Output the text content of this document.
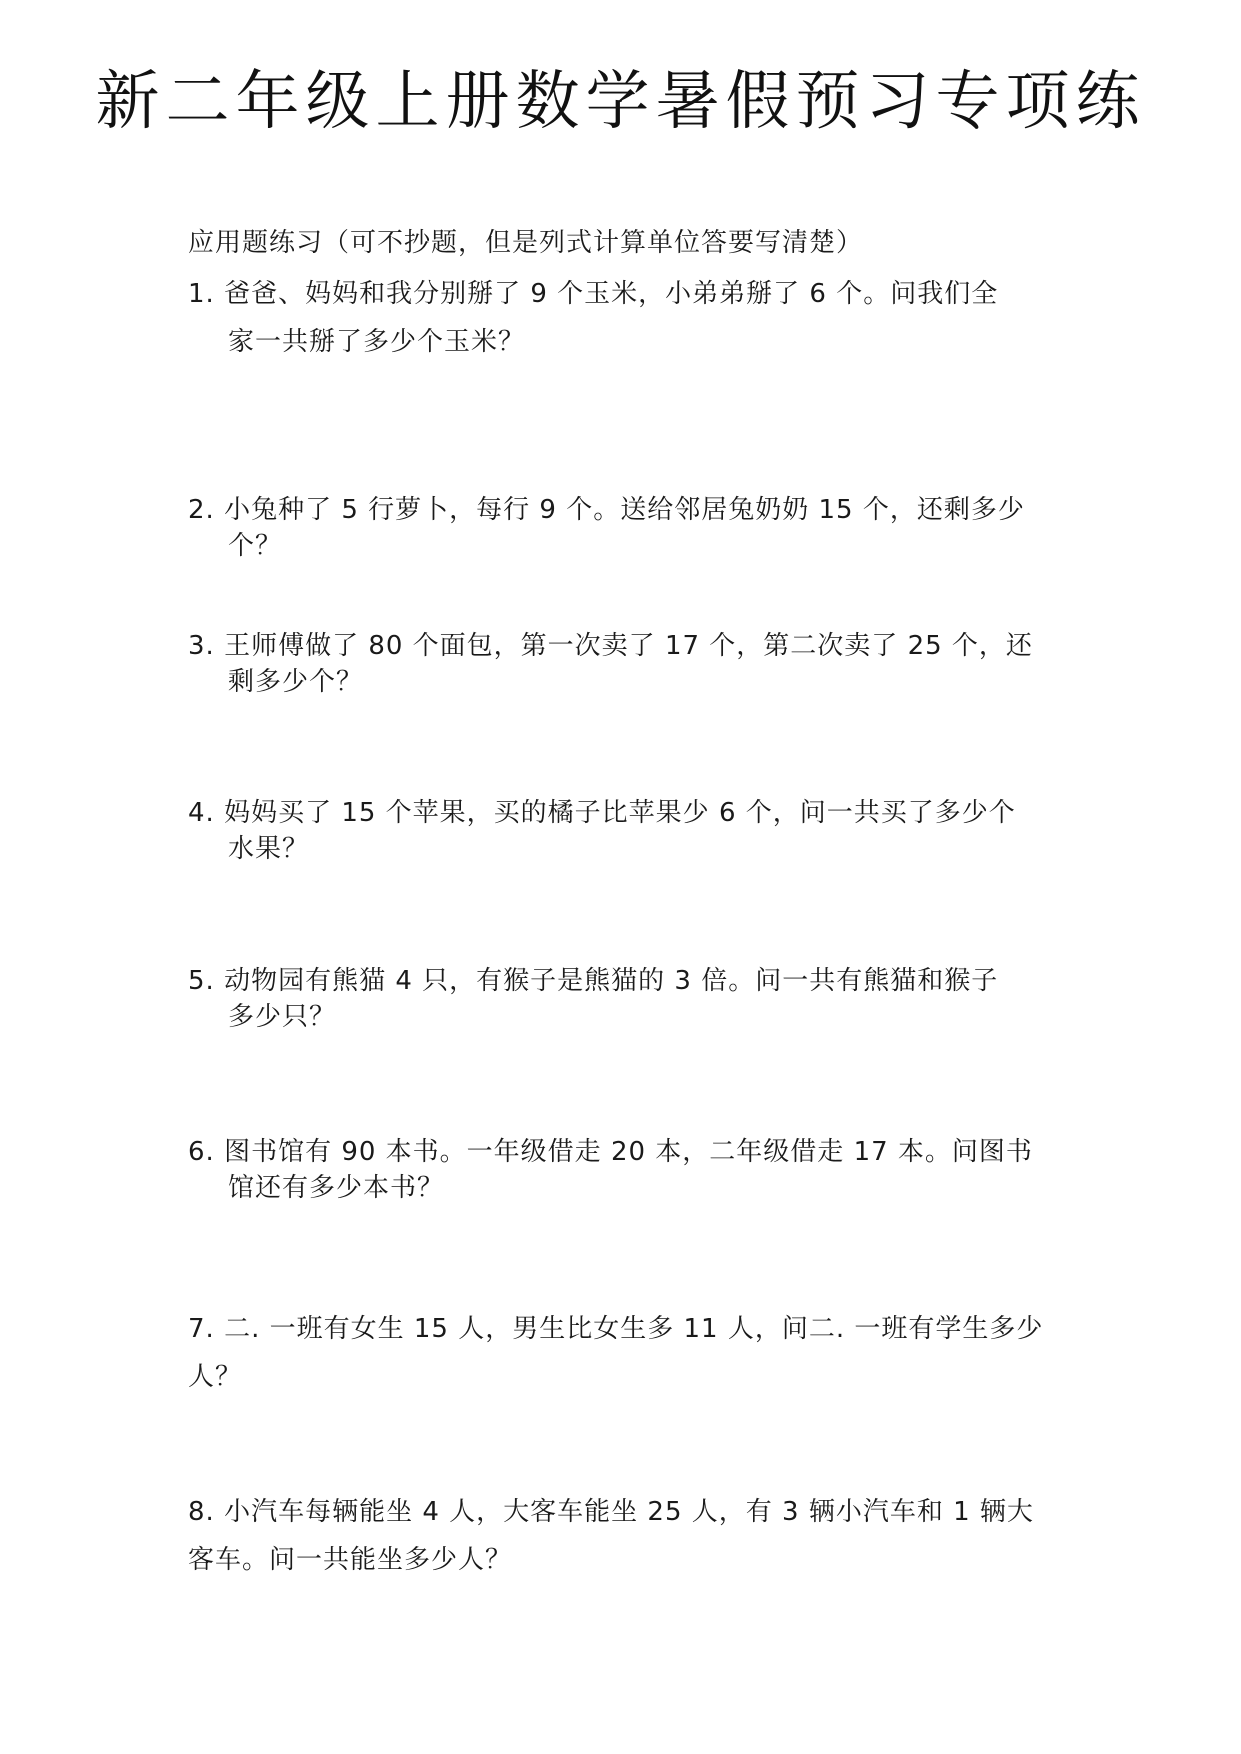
新二年级上册数学暑假预习专项练
应用题练习（可不抄题，但是列式计算单位答要写清楚）
1. 爸爸、妈妈和我分别掰了 9 个玉米，小弟弟掰了 6 个。问我们全
家一共掰了多少个玉米？
2. 小兔种了 5 行萝卜，每行 9 个。送给邻居兔奶奶 15 个，还剩多少
个？
3. 王师傅做了 80 个面包，第一次卖了 17 个，第二次卖了 25 个，还
剩多少个？
4. 妈妈买了 15 个苹果，买的橘子比苹果少 6 个，问一共买了多少个
水果？
5. 动物园有熊猫 4 只，有猴子是熊猫的 3 倍。问一共有熊猫和猴子
多少只？
6. 图书馆有 90 本书。一年级借走 20 本，二年级借走 17 本。问图书
馆还有多少本书？
7. 二. 一班有女生 15 人，男生比女生多 11 人，问二. 一班有学生多少
人？
8. 小汽车每辆能坐 4 人，大客车能坐 25 人，有 3 辆小汽车和 1 辆大
客车。问一共能坐多少人？
